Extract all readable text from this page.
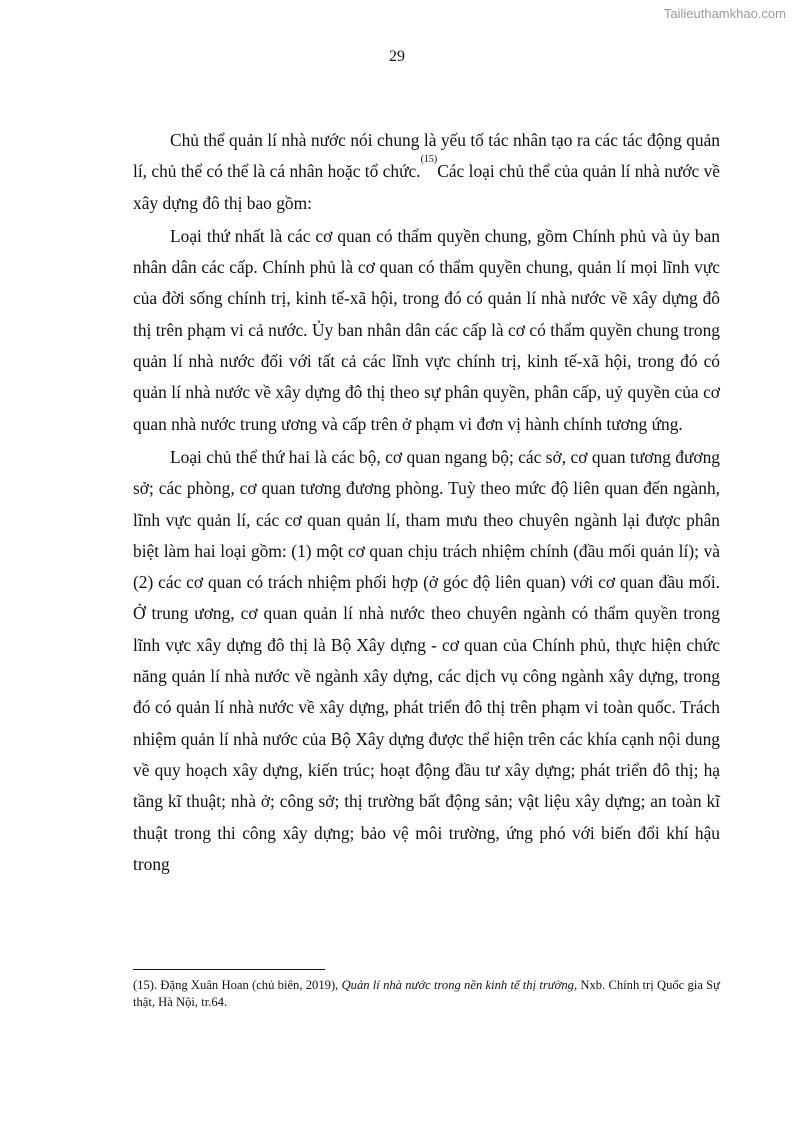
Tailieuthamkhao.com
29

Chủ thể quản lí nhà nước nói chung là yếu tố tác nhân tạo ra các tác động quản lí, chủ thể có thể là cá nhân hoặc tổ chức.$^{(15)}$Các loại chủ thể của quản lí nhà nước về xây dựng đô thị bao gồm:

Loại thứ nhất là các cơ quan có thẩm quyền chung, gồm Chính phủ và ủy ban nhân dân các cấp. Chính phủ là cơ quan có thẩm quyền chung, quản lí mọi lĩnh vực của đời sống chính trị, kinh tế-xã hội, trong đó có quản lí nhà nước về xây dựng đô thị trên phạm vi cả nước. Ủy ban nhân dân các cấp là cơ có thẩm quyền chung trong quản lí nhà nước đối với tất cả các lĩnh vực chính trị, kinh tế-xã hội, trong đó có quản lí nhà nước về xây dựng đô thị theo sự phân quyền, phân cấp, uỷ quyền của cơ quan nhà nước trung ương và cấp trên ở phạm vi đơn vị hành chính tương ứng.

Loại chủ thể thứ hai là các bộ, cơ quan ngang bộ; các sở, cơ quan tương đương sở; các phòng, cơ quan tương đương phòng. Tuỳ theo mức độ liên quan đến ngành, lĩnh vực quản lí, các cơ quan quản lí, tham mưu theo chuyên ngành lại được phân biệt làm hai loại gồm: (1) một cơ quan chịu trách nhiệm chính (đầu mối quản lí); và (2) các cơ quan có trách nhiệm phối hợp (ở góc độ liên quan) với cơ quan đầu mối. Ở trung ương, cơ quan quản lí nhà nước theo chuyên ngành có thẩm quyền trong lĩnh vực xây dựng đô thị là Bộ Xây dựng - cơ quan của Chính phủ, thực hiện chức năng quản lí nhà nước về ngành xây dựng, các dịch vụ công ngành xây dựng, trong đó có quản lí nhà nước về xây dựng, phát triển đô thị trên phạm vi toàn quốc. Trách nhiệm quản lí nhà nước của Bộ Xây dựng được thể hiện trên các khía cạnh nội dung về quy hoạch xây dựng, kiến trúc; hoạt động đầu tư xây dựng; phát triển đô thị; hạ tầng kĩ thuật; nhà ở; công sở; thị trường bất động sản; vật liệu xây dựng; an toàn kĩ thuật trong thi công xây dựng; bảo vệ môi trường, ứng phó với biến đổi khí hậu trong

(15). Đặng Xuân Hoan (chủ biên, 2019), Quản lí nhà nước trong nền kinh tế thị trường, Nxb. Chính trị Quốc gia Sự thật, Hà Nội, tr.64.
